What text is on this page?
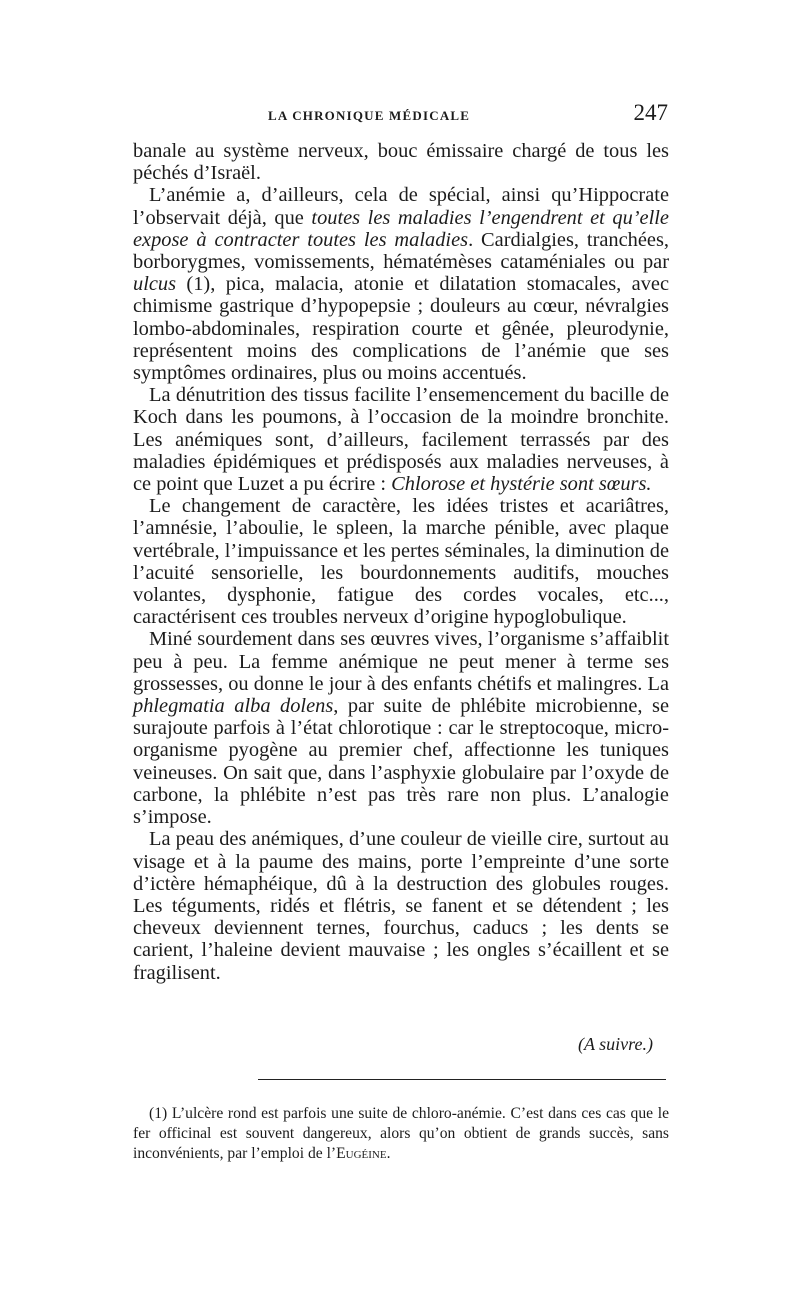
LA CHRONIQUE MÉDICALE	247

banale au système nerveux, bouc émissaire chargé de tous les péchés d’Israël.

L’anémie a, d’ailleurs, cela de spécial, ainsi qu’Hippocrate l’observait déjà, que toutes les maladies l’engendrent et qu’elle expose à contracter toutes les maladies. Cardialgies, tranchées, borborygmes, vomissements, hématémèses cataméniales ou par ulcus (1), pica, malacia, atonie et dilatation stomacales, avec chimisme gastrique d’hypopepsie ; douleurs au cœur, névralgies lombo-abdominales, respiration courte et gênée, pleurodynie, représentent moins des complications de l’anémie que ses symptômes ordinaires, plus ou moins accentués.

La dénutrition des tissus facilite l’ensemencement du bacille de Koch dans les poumons, à l’occasion de la moindre bronchite. Les anémiques sont, d’ailleurs, facilement terrassés par des maladies épidémiques et prédisposés aux maladies nerveuses, à ce point que Luzet a pu écrire : Chlorose et hystérie sont sœurs.

Le changement de caractère, les idées tristes et acariâtres, l’amnésie, l’aboulie, le spleen, la marche pénible, avec plaque vertébrale, l’impuissance et les pertes séminales, la diminution de l’acuité sensorielle, les bourdonnements auditifs, mouches volantes, dysphonie, fatigue des cordes vocales, etc..., caractérisent ces troubles nerveux d’origine hypoglobulique.

Miné sourdement dans ses œuvres vives, l’organisme s’affaiblit peu à peu. La femme anémique ne peut mener à terme ses grossesses, ou donne le jour à des enfants chétifs et malingres. La phlegmatia alba dolens, par suite de phlébite microbienne, se surajoute parfois à l’état chlorotique : car le streptocoque, micro-organisme pyogène au premier chef, affectionne les tuniques veineuses. On sait que, dans l’asphyxie globulaire par l’oxyde de carbone, la phlébite n’est pas très rare non plus. L’analogie s’impose.

La peau des anémiques, d’une couleur de vieille cire, surtout au visage et à la paume des mains, porte l’empreinte d’une sorte d’ictère hémaphéique, dû à la destruction des globules rouges. Les téguments, ridés et flétris, se fanent et se détendent ; les cheveux deviennent ternes, fourchus, caducs ; les dents se carient, l’haleine devient mauvaise ; les ongles s’écaillent et se fragilisent.

(A suivre.)
(1) L’ulcère rond est parfois une suite de chloro-anémie. C’est dans ces cas que le fer officinal est souvent dangereux, alors qu’on obtient de grands succès, sans inconvénients, par l’emploi de l’Eugéine.
